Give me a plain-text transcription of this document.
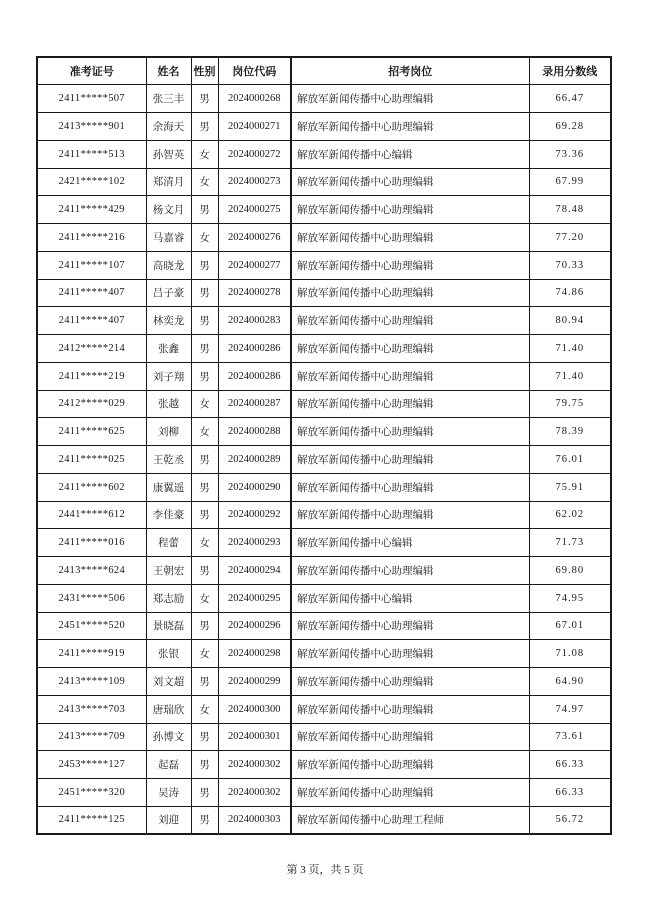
准考证号	姓名	性别	岗位代码	招考岗位	录用分数线
2411*****507	张三丰	男	2024000268	解放军新闻传播中心助理编辑	66.47
2413*****901	余海天	男	2024000271	解放军新闻传播中心助理编辑	69.28
2411*****513	孙智英	女	2024000272	解放军新闻传播中心编辑	73.36
2421*****102	郑清月	女	2024000273	解放军新闻传播中心助理编辑	67.99
2411*****429	杨文月	男	2024000275	解放军新闻传播中心助理编辑	78.48
2411*****216	马嘉睿	女	2024000276	解放军新闻传播中心助理编辑	77.20
2411*****107	高晓龙	男	2024000277	解放军新闻传播中心助理编辑	70.33
2411*****407	吕子豪	男	2024000278	解放军新闻传播中心助理编辑	74.86
2411*****407	林奕龙	男	2024000283	解放军新闻传播中心助理编辑	80.94
2412*****214	张鑫	男	2024000286	解放军新闻传播中心助理编辑	71.40
2411*****219	刘子翔	男	2024000286	解放军新闻传播中心助理编辑	71.40
2412*****029	张越	女	2024000287	解放军新闻传播中心助理编辑	79.75
2411*****625	刘柳	女	2024000288	解放军新闻传播中心助理编辑	78.39
2411*****025	王乾丞	男	2024000289	解放军新闻传播中心助理编辑	76.01
2411*****602	康翼遥	男	2024000290	解放军新闻传播中心助理编辑	75.91
2441*****612	李佳豪	男	2024000292	解放军新闻传播中心助理编辑	62.02
2411*****016	程蕾	女	2024000293	解放军新闻传播中心编辑	71.73
2413*****624	王朝宏	男	2024000294	解放军新闻传播中心助理编辑	69.80
2431*****506	郑志励	女	2024000295	解放军新闻传播中心编辑	74.95
2451*****520	景晓磊	男	2024000296	解放军新闻传播中心助理编辑	67.01
2411*****919	张银	女	2024000298	解放军新闻传播中心助理编辑	71.08
2413*****109	刘文超	男	2024000299	解放军新闻传播中心助理编辑	64.90
2413*****703	唐瑞欣	女	2024000300	解放军新闻传播中心助理编辑	74.97
2413*****709	孙博文	男	2024000301	解放军新闻传播中心助理编辑	73.61
2453*****127	起磊	男	2024000302	解放军新闻传播中心助理编辑	66.33
2451*****320	吴涛	男	2024000302	解放军新闻传播中心助理编辑	66.33
2411*****125	刘迎	男	2024000303	解放军新闻传播中心助理工程师	56.72
第 3 页，共 5 页
